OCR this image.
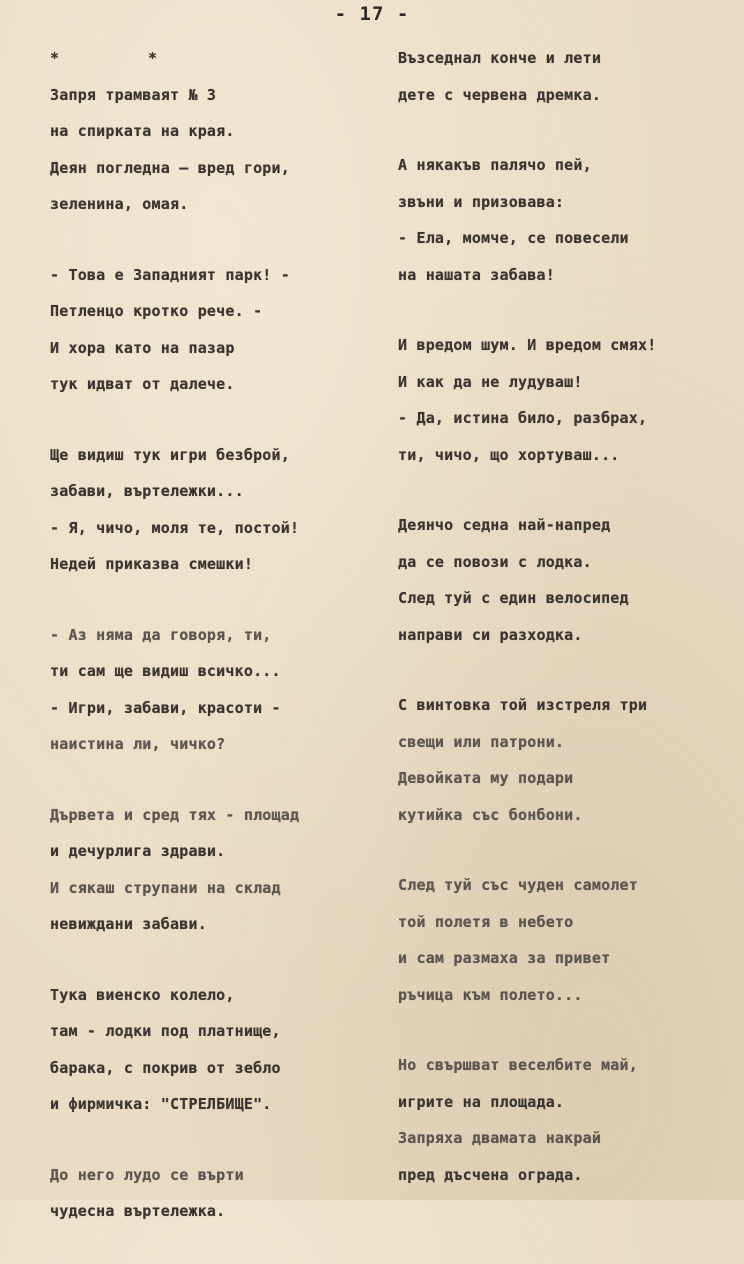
- 17 -
* *
Запря трамваят № 3
на спирката на края.
Деян погледна – вред гори,
зеленина, омая.
- Това е Западният парк! -
Петленцо кротко рече. -
И хора като на пазар
тук идват от далече.
Ще видиш тук игри безброй,
забави, въртележки...
- Я, чичо, моля те, постой!
Недей приказва смешки!
- Аз няма да говоря, ти,
ти сам ще видиш всичко...
- Игри, забави, красоти -
наистина ли, чичко?
Дървета и сред тях - площад
и дечурлига здрави.
И сякаш струпани на склад
невиждани забави.
Тука виенско колело,
там - лодки под платнище,
барака, с покрив от зебло
и фирмичка: "СТРЕЛБИЩЕ".
До него лудо се върти
чудесна въртележка.
Възседнал конче и лети
дете с червена дремка.
А някакъв палячо пей,
звъни и призовава:
- Ела, момче, се повесели
на нашата забава!
И вредом шум. И вредом смях!
И как да не лудуваш!
- Да, истина било, разбрах,
ти, чичо, що хортуваш...
Деянчо седна най-напред
да се повози с лодка.
След туй с един велосипед
направи си разходка.
С винтовка той изстреля три
свещи или патрони.
Девойката му подари
кутийка със бонбони.
След туй със чуден самолет
той полетя в небето
и сам размаха за привет
ръчица към полето...
Но свършват веселбите май,
игрите на площада.
Запряха двамата накрай
пред дъсчена ограда.
